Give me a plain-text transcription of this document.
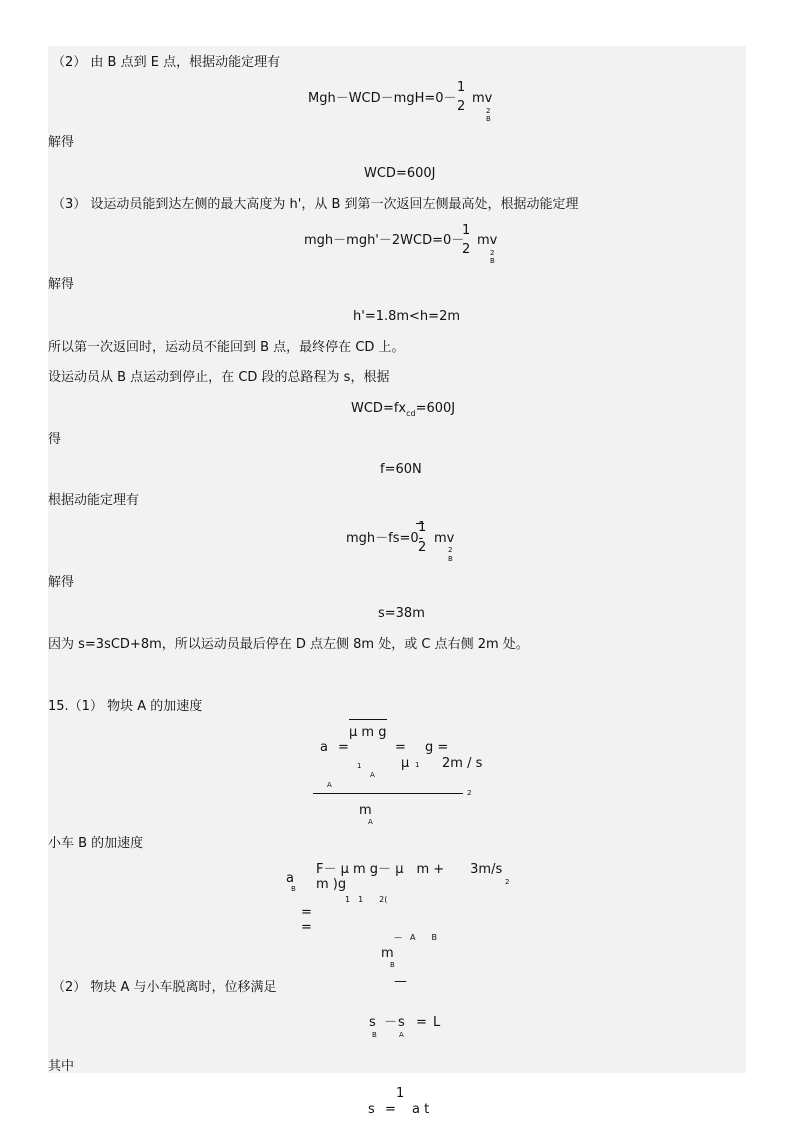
（2） 由 B 点到 E 点，根据动能定理有
Mgh－WCD－mgH=0－
1
2
mv
2
B
解得
WCD=600J
（3） 设运动员能到达左侧的最大高度为 h'，从 B 到第一次返回左侧最高处，根据动能定理
mgh－mgh'－2WCD=0－
1
2
mv
2
B
解得
h'=1.8m<h=2m
所以第一次返回时，运动员不能回到 B 点，最终停在 CD 上。
设运动员从 B 点运动到停止，在 CD 段的总路程为 s，根据
$WCD=fx_{cd}=600J$
得
f=60N
根据动能定理有
mgh－fs=0-
1
2
mv
2
B
解得
s=38m
因为 s=3sCD+8m，所以运动员最后停在 D 点左侧 8m 处，或 C 点右侧 2m 处。
15.（1） 物块 A 的加速度
μ m g
a =	= g =
μ 1 2m / s
1
A
A
2
m
A
小车 B 的加速度
F－ μ m g－ μ　m +　　3m/s
2
a
B m )g
1　1　　2(
=
=
—　A　　B
m
B
—
（2） 物块 A 与小车脱离时，位移满足
s － s = L
B	A
其中
1
s = a t
